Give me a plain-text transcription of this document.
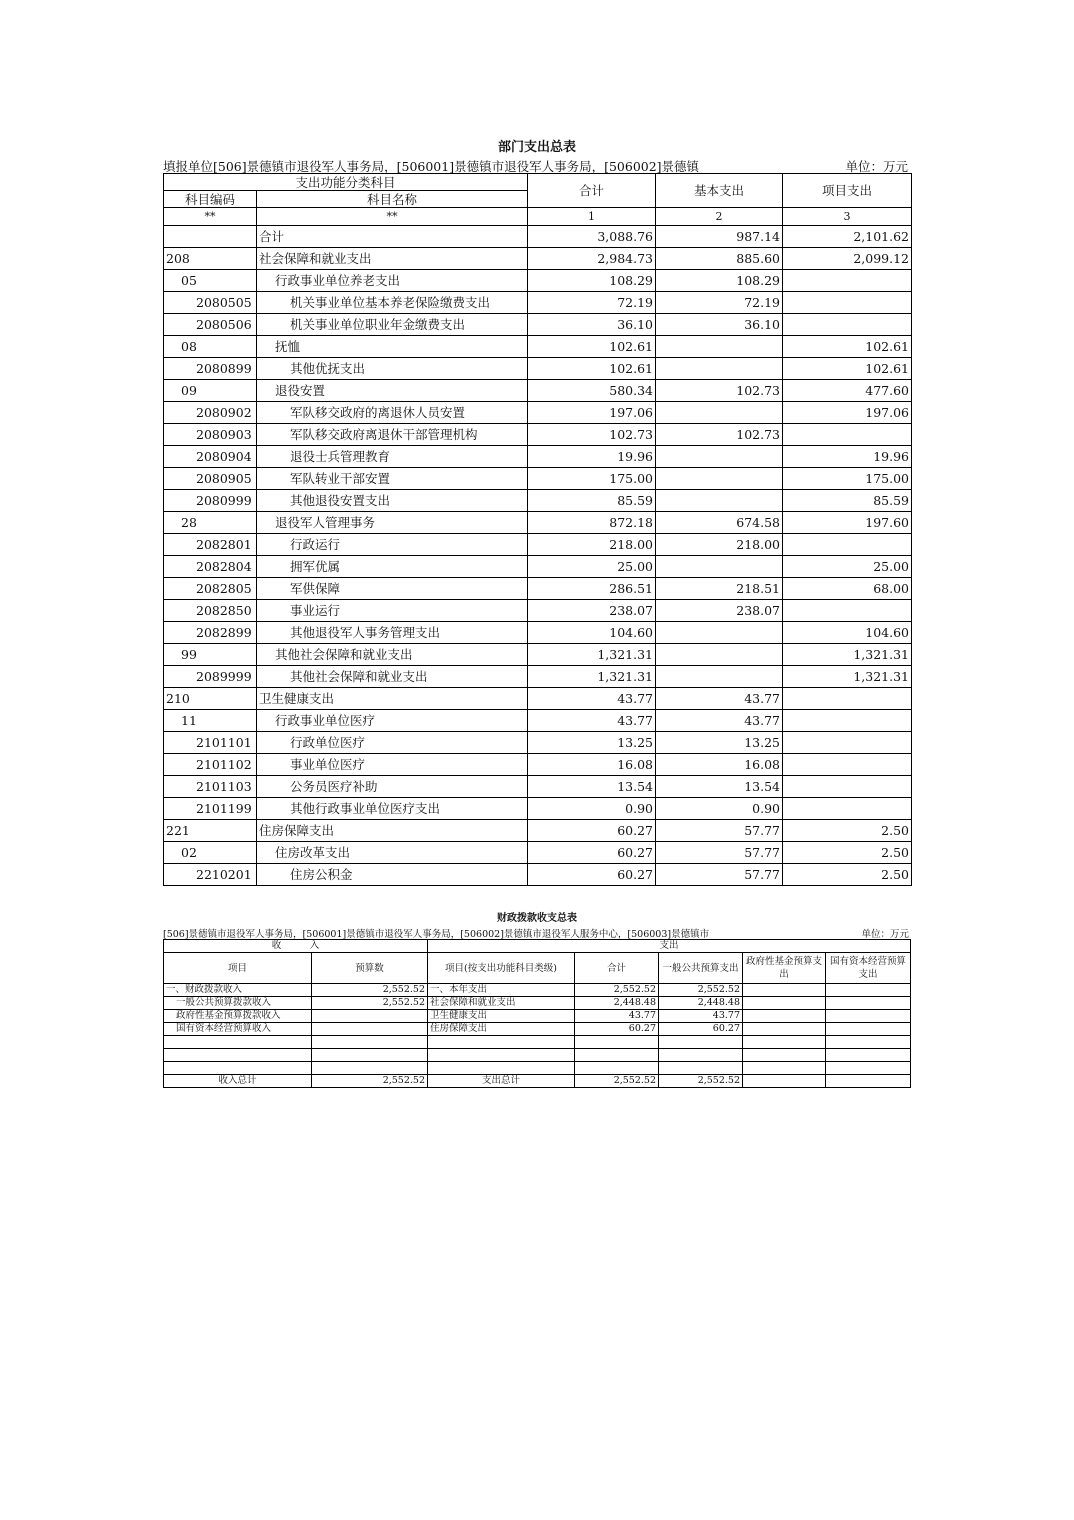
部门支出总表
填报单位[506]景德镇市退役军人事务局，[506001]景德镇市退役军人事务局，[506002]景德镇	单位：万元
支出功能分类科目		合计	基本支出	项目支出
科目编码	科目名称			
**	**	1	2	3
	合计	3,088.76	987.14	2,101.62
208	社会保障和就业支出	2,984.73	885.60	2,099.12
05	行政事业单位养老支出	108.29	108.29	
2080505	机关事业单位基本养老保险缴费支出	72.19	72.19	
2080506	机关事业单位职业年金缴费支出	36.10	36.10	
08	抚恤	102.61		102.61
2080899	其他优抚支出	102.61		102.61
09	退役安置	580.34	102.73	477.60
2080902	军队移交政府的离退休人员安置	197.06		197.06
2080903	军队移交政府离退休干部管理机构	102.73	102.73	
2080904	退役士兵管理教育	19.96		19.96
2080905	军队转业干部安置	175.00		175.00
2080999	其他退役安置支出	85.59		85.59
28	退役军人管理事务	872.18	674.58	197.60
2082801	行政运行	218.00	218.00	
2082804	拥军优属	25.00		25.00
2082805	军供保障	286.51	218.51	68.00
2082850	事业运行	238.07	238.07	
2082899	其他退役军人事务管理支出	104.60		104.60
99	其他社会保障和就业支出	1,321.31		1,321.31
2089999	其他社会保障和就业支出	1,321.31		1,321.31
210	卫生健康支出	43.77	43.77	
11	行政事业单位医疗	43.77	43.77	
2101101	行政单位医疗	13.25	13.25	
2101102	事业单位医疗	16.08	16.08	
2101103	公务员医疗补助	13.54	13.54	
2101199	其他行政事业单位医疗支出	0.90	0.90	
221	住房保障支出	60.27	57.77	2.50
02	住房改革支出	60.27	57.77	2.50
2210201	住房公积金	60.27	57.77	2.50
财政拨款收支总表
[506]景德镇市退役军人事务局，[506001]景德镇市退役军人事务局，[506002]景德镇市退役军人服务中心，[506003]景德镇市	单位：万元
收　　　入		支出				
项目	预算数	项目(按支出功能科目类级)	合计	一般公共预算支出	政府性基金预算支出	国有资本经营预算支出
一、财政拨款收入	2,552.52	一、本年支出	2,552.52	2,552.52		
一般公共预算拨款收入	2,552.52	社会保障和就业支出	2,448.48	2,448.48		
政府性基金预算拨款收入		卫生健康支出	43.77	43.77		
国有资本经营预算收入		住房保障支出	60.27	60.27		

收入总计	2,552.52	支出总计	2,552.52	2,552.52		
